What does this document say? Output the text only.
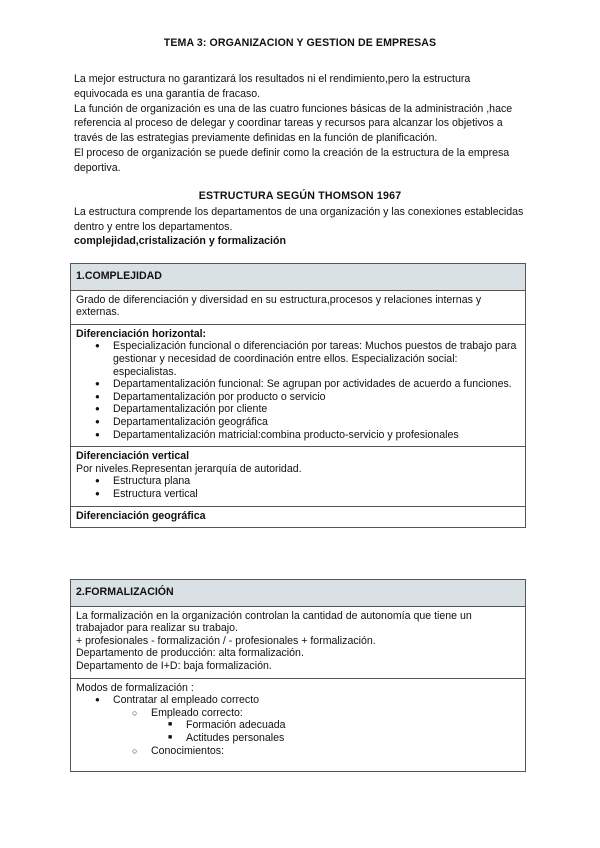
TEMA 3: ORGANIZACION Y GESTION DE EMPRESAS

La mejor estructura no garantizará los resultados ni el rendimiento,pero la estructura equivocada es una garantía de fracaso.

La función de organización es una de las cuatro funciones básicas de la administración ,hace referencia al proceso de delegar y coordinar tareas y recursos para alcanzar los objetivos a través de las estrategias previamente definidas en la función de planificación.

El proceso de organización se puede definir como la creación de la estructura de la empresa deportiva.

ESTRUCTURA SEGÚN THOMSON 1967

La estructura comprende los departamentos de una organización y las conexiones establecidas dentro y entre los departamentos.

complejidad,cristalización y formalización

1.COMPLEJIDAD
Grado de diferenciación y diversidad en su estructura,procesos y relaciones internas y externas.

Diferenciación horizontal:
● Especialización funcional o diferenciación por tareas: Muchos puestos de trabajo para gestionar y necesidad de coordinación entre ellos. Especialización social: especialistas.
● Departamentalización funcional: Se agrupan por actividades de acuerdo a funciones.
● Departamentalización por producto o servicio
● Departamentalización por cliente
● Departamentalización geográfica
● Departamentalización matricial:combina producto-servicio y profesionales

Diferenciación vertical
Por niveles.Representan jerarquía de autoridad.
● Estructura plana
● Estructura vertical

Diferenciación geográfica
2.FORMALIZACIÓN

La formalización en la organización controlan la cantidad de autonomía que tiene un trabajador para realizar su trabajo.
+ profesionales - formalización / - profesionales + formalización.
Departamento de producción: alta formalización.
Departamento de I+D: baja formalización.

Modos de formalización :
● Contratar al empleado correcto
○ Empleado correcto:
■ Formación adecuada
■ Actitudes personales
○ Conocimientos:
